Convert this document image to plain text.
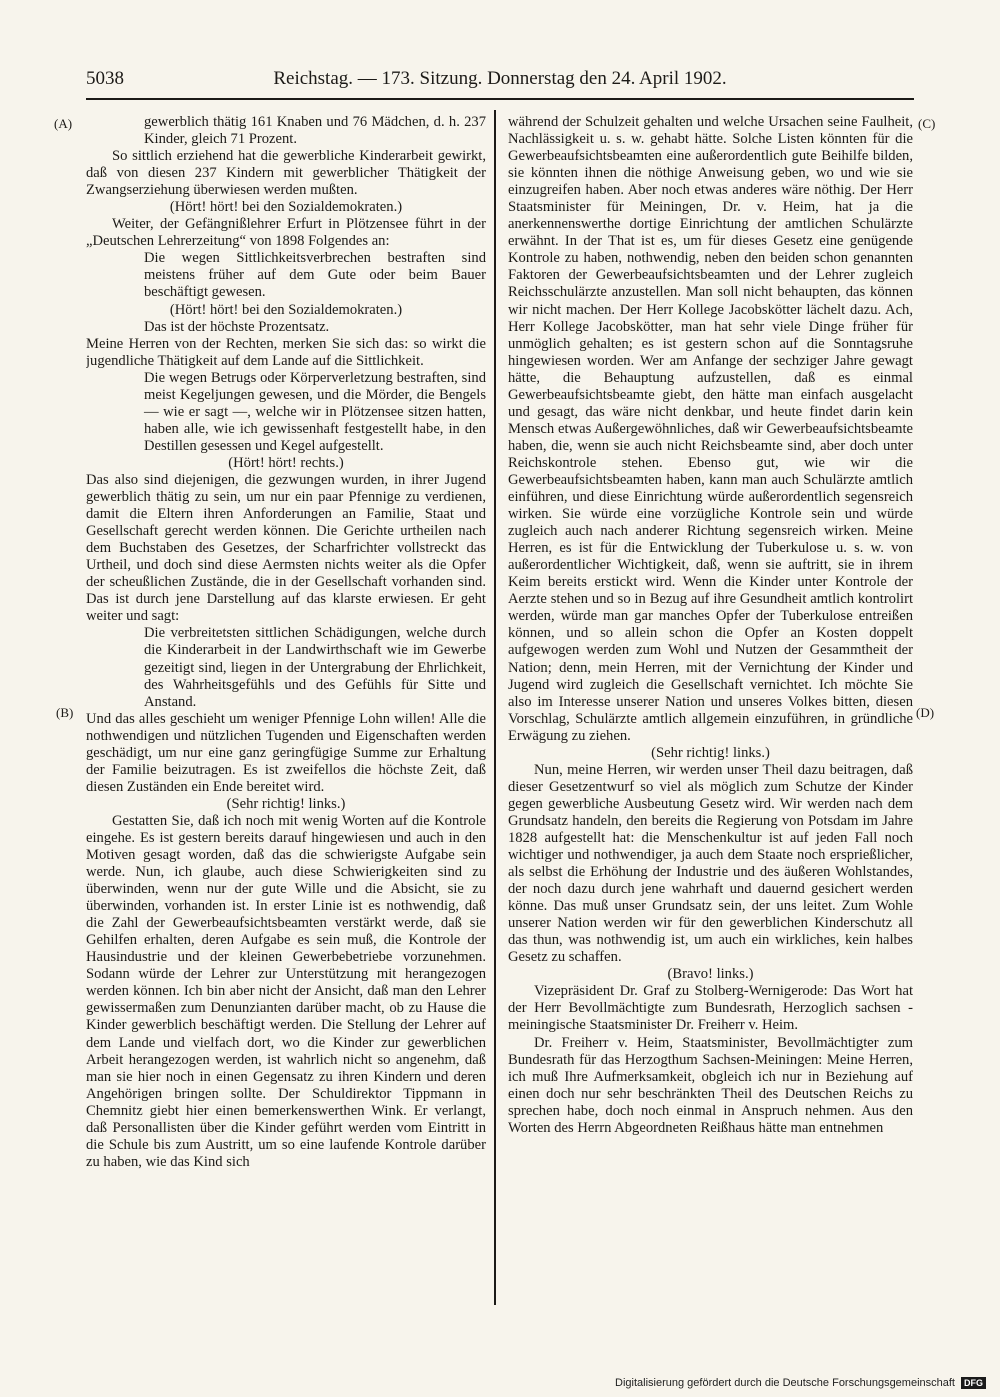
5038	Reichstag. — 173. Sitzung. Donnerstag den 24. April 1902.
(A)
(B)
(C)
(D)

gewerblich thätig 161 Knaben und 76 Mädchen, d. h. 237 Kinder, gleich 71 Prozent.

So sittlich erziehend hat die gewerbliche Kinderarbeit gewirkt, daß von diesen 237 Kindern mit gewerblicher Thätigkeit der Zwangserziehung überwiesen werden mußten.

(Hört! hört! bei den Sozialdemokraten.)

Weiter, der Gefängnißlehrer Erfurt in Plötzensee führt in der „Deutschen Lehrerzeitung“ von 1898 Folgendes an:

Die wegen Sittlichkeitsverbrechen bestraften sind meistens früher auf dem Gute oder beim Bauer beschäftigt gewesen.

(Hört! hört! bei den Sozialdemokraten.)

Das ist der höchste Prozentsatz.

Meine Herren von der Rechten, merken Sie sich das: so wirkt die jugendliche Thätigkeit auf dem Lande auf die Sittlichkeit.

Die wegen Betrugs oder Körperverletzung bestraften, sind meist Kegeljungen gewesen, und die Mörder, die Bengels — wie er sagt —, welche wir in Plötzensee sitzen hatten, haben alle, wie ich gewissenhaft festgestellt habe, in den Destillen gesessen und Kegel aufgestellt.

(Hört! hört! rechts.)

Das also sind diejenigen, die gezwungen wurden, in ihrer Jugend gewerblich thätig zu sein, um nur ein paar Pfennige zu verdienen, damit die Eltern ihren Anforderungen an Familie, Staat und Gesellschaft gerecht werden können. Die Gerichte urtheilen nach dem Buchstaben des Gesetzes, der Scharfrichter vollstreckt das Urtheil, und doch sind diese Aermsten nichts weiter als die Opfer der scheußlichen Zustände, die in der Gesellschaft vorhanden sind. Das ist durch jene Darstellung auf das klarste erwiesen. Er geht weiter und sagt:

Die verbreitetsten sittlichen Schädigungen, welche durch die Kinderarbeit in der Landwirthschaft wie im Gewerbe gezeitigt sind, liegen in der Untergrabung der Ehrlichkeit, des Wahrheitsgefühls und des Gefühls für Sitte und Anstand.

Und das alles geschieht um weniger Pfennige Lohn willen! Alle die nothwendigen und nützlichen Tugenden und Eigenschaften werden geschädigt, um nur eine ganz geringfügige Summe zur Erhaltung der Familie beizutragen. Es ist zweifellos die höchste Zeit, daß diesen Zuständen ein Ende bereitet wird.

(Sehr richtig! links.)

Gestatten Sie, daß ich noch mit wenig Worten auf die Kontrole eingehe. Es ist gestern bereits darauf hingewiesen und auch in den Motiven gesagt worden, daß das die schwierigste Aufgabe sein werde. Nun, ich glaube, auch diese Schwierigkeiten sind zu überwinden, wenn nur der gute Wille und die Absicht, sie zu überwinden, vorhanden ist. In erster Linie ist es nothwendig, daß die Zahl der Gewerbeaufsichtsbeamten verstärkt werde, daß sie Gehilfen erhalten, deren Aufgabe es sein muß, die Kontrole der Hausindustrie und der kleinen Gewerbebetriebe vorzunehmen. Sodann würde der Lehrer zur Unterstützung mit herangezogen werden können. Ich bin aber nicht der Ansicht, daß man den Lehrer gewissermaßen zum Denunzianten darüber macht, ob zu Hause die Kinder gewerblich beschäftigt werden. Die Stellung der Lehrer auf dem Lande und vielfach dort, wo die Kinder zur gewerblichen Arbeit herangezogen werden, ist wahrlich nicht so angenehm, daß man sie hier noch in einen Gegensatz zu ihren Kindern und deren Angehörigen bringen sollte. Der Schuldirektor Tippmann in Chemnitz giebt hier einen bemerkenswerthen Wink. Er verlangt, daß Personallisten über die Kinder geführt werden vom Eintritt in die Schule bis zum Austritt, um so eine laufende Kontrole darüber zu haben, wie das Kind sich

während der Schulzeit gehalten und welche Ursachen seine Faulheit, Nachlässigkeit u. s. w. gehabt hätte. Solche Listen könnten für die Gewerbeaufsichtsbeamten eine außerordentlich gute Beihilfe bilden, sie könnten ihnen die nöthige Anweisung geben, wo und wie sie einzugreifen haben. Aber noch etwas anderes wäre nöthig. Der Herr Staatsminister für Meiningen, Dr. v. Heim, hat ja die anerkennenswerthe dortige Einrichtung der amtlichen Schulärzte erwähnt. In der That ist es, um für dieses Gesetz eine genügende Kontrole zu haben, nothwendig, neben den beiden schon genannten Faktoren der Gewerbeaufsichtsbeamten und der Lehrer zugleich Reichsschulärzte anzustellen. Man soll nicht behaupten, das können wir nicht machen. Der Herr Kollege Jacobskötter lächelt dazu. Ach, Herr Kollege Jacobskötter, man hat sehr viele Dinge früher für unmöglich gehalten; es ist gestern schon auf die Sonntagsruhe hingewiesen worden. Wer am Anfange der sechziger Jahre gewagt hätte, die Behauptung aufzustellen, daß es einmal Gewerbeaufsichtsbeamte giebt, den hätte man einfach ausgelacht und gesagt, das wäre nicht denkbar, und heute findet darin kein Mensch etwas Außergewöhnliches, daß wir Gewerbeaufsichtsbeamte haben, die, wenn sie auch nicht Reichsbeamte sind, aber doch unter Reichskontrole stehen. Ebenso gut, wie wir die Gewerbeaufsichtsbeamten haben, kann man auch Schulärzte amtlich einführen, und diese Einrichtung würde außerordentlich segensreich wirken. Sie würde eine vorzügliche Kontrole sein und würde zugleich auch nach anderer Richtung segensreich wirken. Meine Herren, es ist für die Entwicklung der Tuberkulose u. s. w. von außerordentlicher Wichtigkeit, daß, wenn sie auftritt, sie in ihrem Keim bereits erstickt wird. Wenn die Kinder unter Kontrole der Aerzte stehen und so in Bezug auf ihre Gesundheit amtlich kontrolirt werden, würde man gar manches Opfer der Tuberkulose entreißen können, und so allein schon die Opfer an Kosten doppelt aufgewogen werden zum Wohl und Nutzen der Gesammtheit der Nation; denn, mein Herren, mit der Vernichtung der Kinder und Jugend wird zugleich die Gesellschaft vernichtet. Ich möchte Sie also im Interesse unserer Nation und unseres Volkes bitten, diesen Vorschlag, Schulärzte amtlich allgemein einzuführen, in gründliche Erwägung zu ziehen.

(Sehr richtig! links.)

Nun, meine Herren, wir werden unser Theil dazu beitragen, daß dieser Gesetzentwurf so viel als möglich zum Schutze der Kinder gegen gewerbliche Ausbeutung Gesetz wird. Wir werden nach dem Grundsatz handeln, den bereits die Regierung von Potsdam im Jahre 1828 aufgestellt hat: die Menschenkultur ist auf jeden Fall noch wichtiger und nothwendiger, ja auch dem Staate noch ersprießlicher, als selbst die Erhöhung der Industrie und des äußeren Wohlstandes, der noch dazu durch jene wahrhaft und dauernd gesichert werden könne. Das muß unser Grundsatz sein, der uns leitet. Zum Wohle unserer Nation werden wir für den gewerblichen Kinderschutz all das thun, was nothwendig ist, um auch ein wirkliches, kein halbes Gesetz zu schaffen.

(Bravo! links.)

Vizepräsident Dr. Graf zu Stolberg-Wernigerode: Das Wort hat der Herr Bevollmächtigte zum Bundesrath, Herzoglich sachsen - meiningische Staatsminister Dr. Freiherr v. Heim.

Dr. Freiherr v. Heim, Staatsminister, Bevollmächtigter zum Bundesrath für das Herzogthum Sachsen-Meiningen: Meine Herren, ich muß Ihre Aufmerksamkeit, obgleich ich nur in Beziehung auf einen doch nur sehr beschränkten Theil des Deutschen Reichs zu sprechen habe, doch noch einmal in Anspruch nehmen. Aus den Worten des Herrn Abgeordneten Reißhaus hätte man entnehmen

Digitalisierung gefördert durch die Deutsche Forschungsgemeinschaft	DFG
